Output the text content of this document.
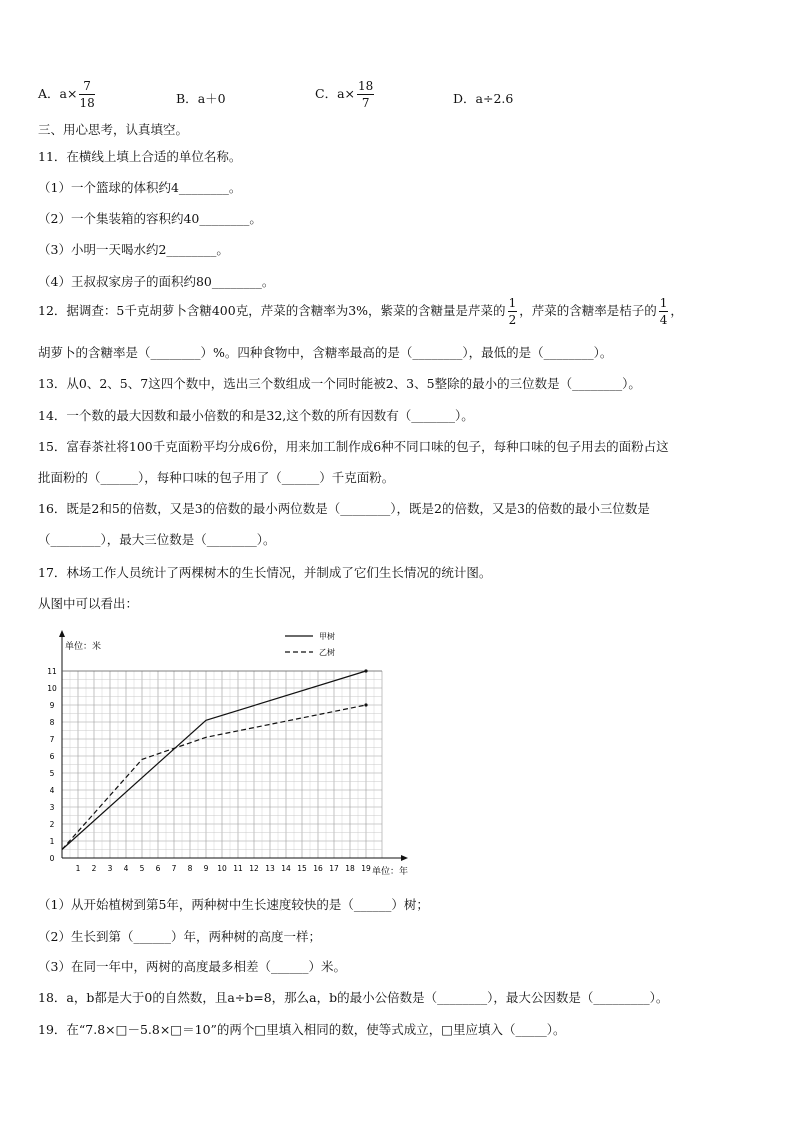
A．$a\times \frac{7}{18}$	B．a＋0	C．$a\times \frac{18}{7}$	D．a÷2.6
三、用心思考，认真填空。
11．在横线上填上合适的单位名称。
（1）一个篮球的体积约4________。
（2）一个集装箱的容积约40________。
（3）小明一天喝水约2________。
（4）王叔叔家房子的面积约80________。
12．据调查：5千克胡萝卜含糖400克，芹菜的含糖率为3%，紫菜的含糖量是芹菜的 $\frac{1}{2}$ ，芹菜的含糖率是桔子的 $\frac{1}{4}$ ，
胡萝卜的含糖率是（________）%。四种食物中，含糖率最高的是（________），最低的是（________）。
13．从0、2、5、7这四个数中，选出三个数组成一个同时能被2、3、5整除的最小的三位数是（________）。
14．一个数的最大因数和最小倍数的和是32,这个数的所有因数有（_______）。
15．富春茶社将100千克面粉平均分成6份，用来加工制作成6种不同口味的包子，每种口味的包子用去的面粉占这
批面粉的（______），每种口味的包子用了（______）千克面粉。
16．既是2和5的倍数，又是3的倍数的最小两位数是（________），既是2的倍数，又是3的倍数的最小三位数是
（________），最大三位数是（________）。
17．林场工作人员统计了两棵树木的生长情况，并制成了它们生长情况的统计图。
从图中可以看出：
1 2 3 4 5 6 7 8 9 10 11 12 13 14 15 16 17 18 19
0
1
2
3
4
5
6
7
8
9
10
11
甲树
乙树
单位：米
单位：年
（1）从开始植树到第5年，两种树中生长速度较快的是（______）树；
（2）生长到第（______）年，两种树的高度一样；
（3）在同一年中，两树的高度最多相差（______）米。
18．a，b都是大于0的自然数，且a÷b=8，那么a，b的最小公倍数是（________），最大公因数是（_________）。
19．在“7.8×□－5.8×□＝10”的两个□里填入相同的数，使等式成立，□里应填入（_____）。
